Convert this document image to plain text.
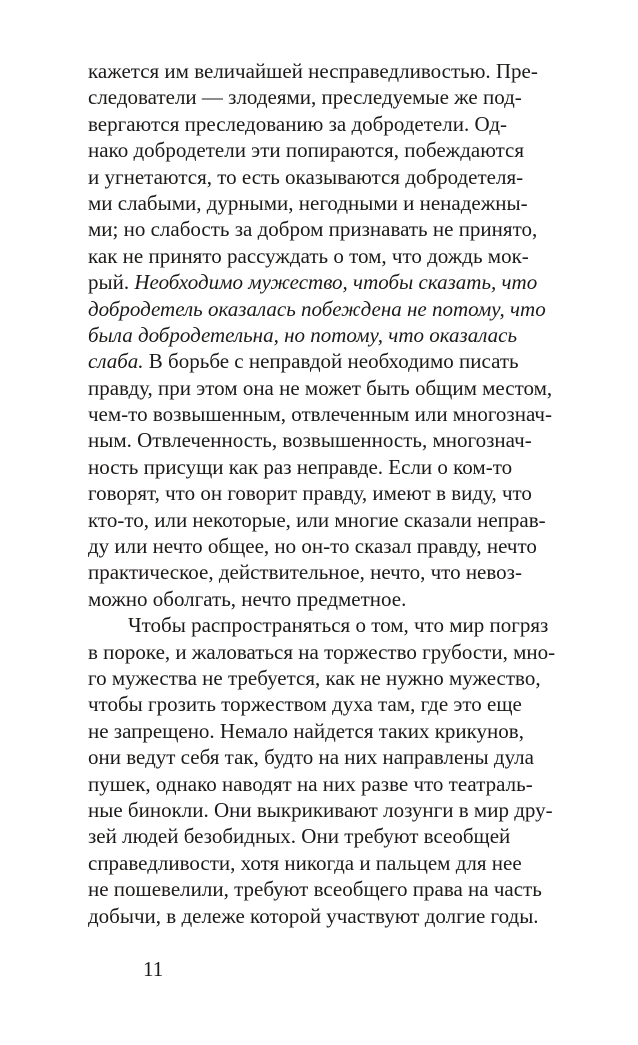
кажется им величайшей несправедливостью. Пре-
следователи — злодеями, преследуемые же под-
вергаются преследованию за добродетели. Од-
нако добродетели эти попираются, побеждаются
и угнетаются, то есть оказываются добродетеля-
ми слабыми, дурными, негодными и ненадежны-
ми; но слабость за добром признавать не принято,
как не принято рассуждать о том, что дождь мок-
рый. Необходимо мужество, чтобы сказать, что
добродетель оказалась побеждена не потому, что
была добродетельна, но потому, что оказалась
слаба. В борьбе с неправдой необходимо писать
правду, при этом она не может быть общим местом,
чем-то возвышенным, отвлеченным или многознач-
ным. Отвлеченность, возвышенность, многознач-
ность присущи как раз неправде. Если о ком-то
говорят, что он говорит правду, имеют в виду, что
кто-то, или некоторые, или многие сказали неправ-
ду или нечто общее, но он-то сказал правду, нечто
практическое, действительное, нечто, что невоз-
можно оболгать, нечто предметное.
Чтобы распространяться о том, что мир погряз
в пороке, и жаловаться на торжество грубости, мно-
го мужества не требуется, как не нужно мужество,
чтобы грозить торжеством духа там, где это еще
не запрещено. Немало найдется таких крикунов,
они ведут себя так, будто на них направлены дула
пушек, однако наводят на них разве что театраль-
ные бинокли. Они выкрикивают лозунги в мир дру-
зей людей безобидных. Они требуют всеобщей
справедливости, хотя никогда и пальцем для нее
не пошевелили, требуют всеобщего права на часть
добычи, в дележе которой участвуют долгие годы.
11
